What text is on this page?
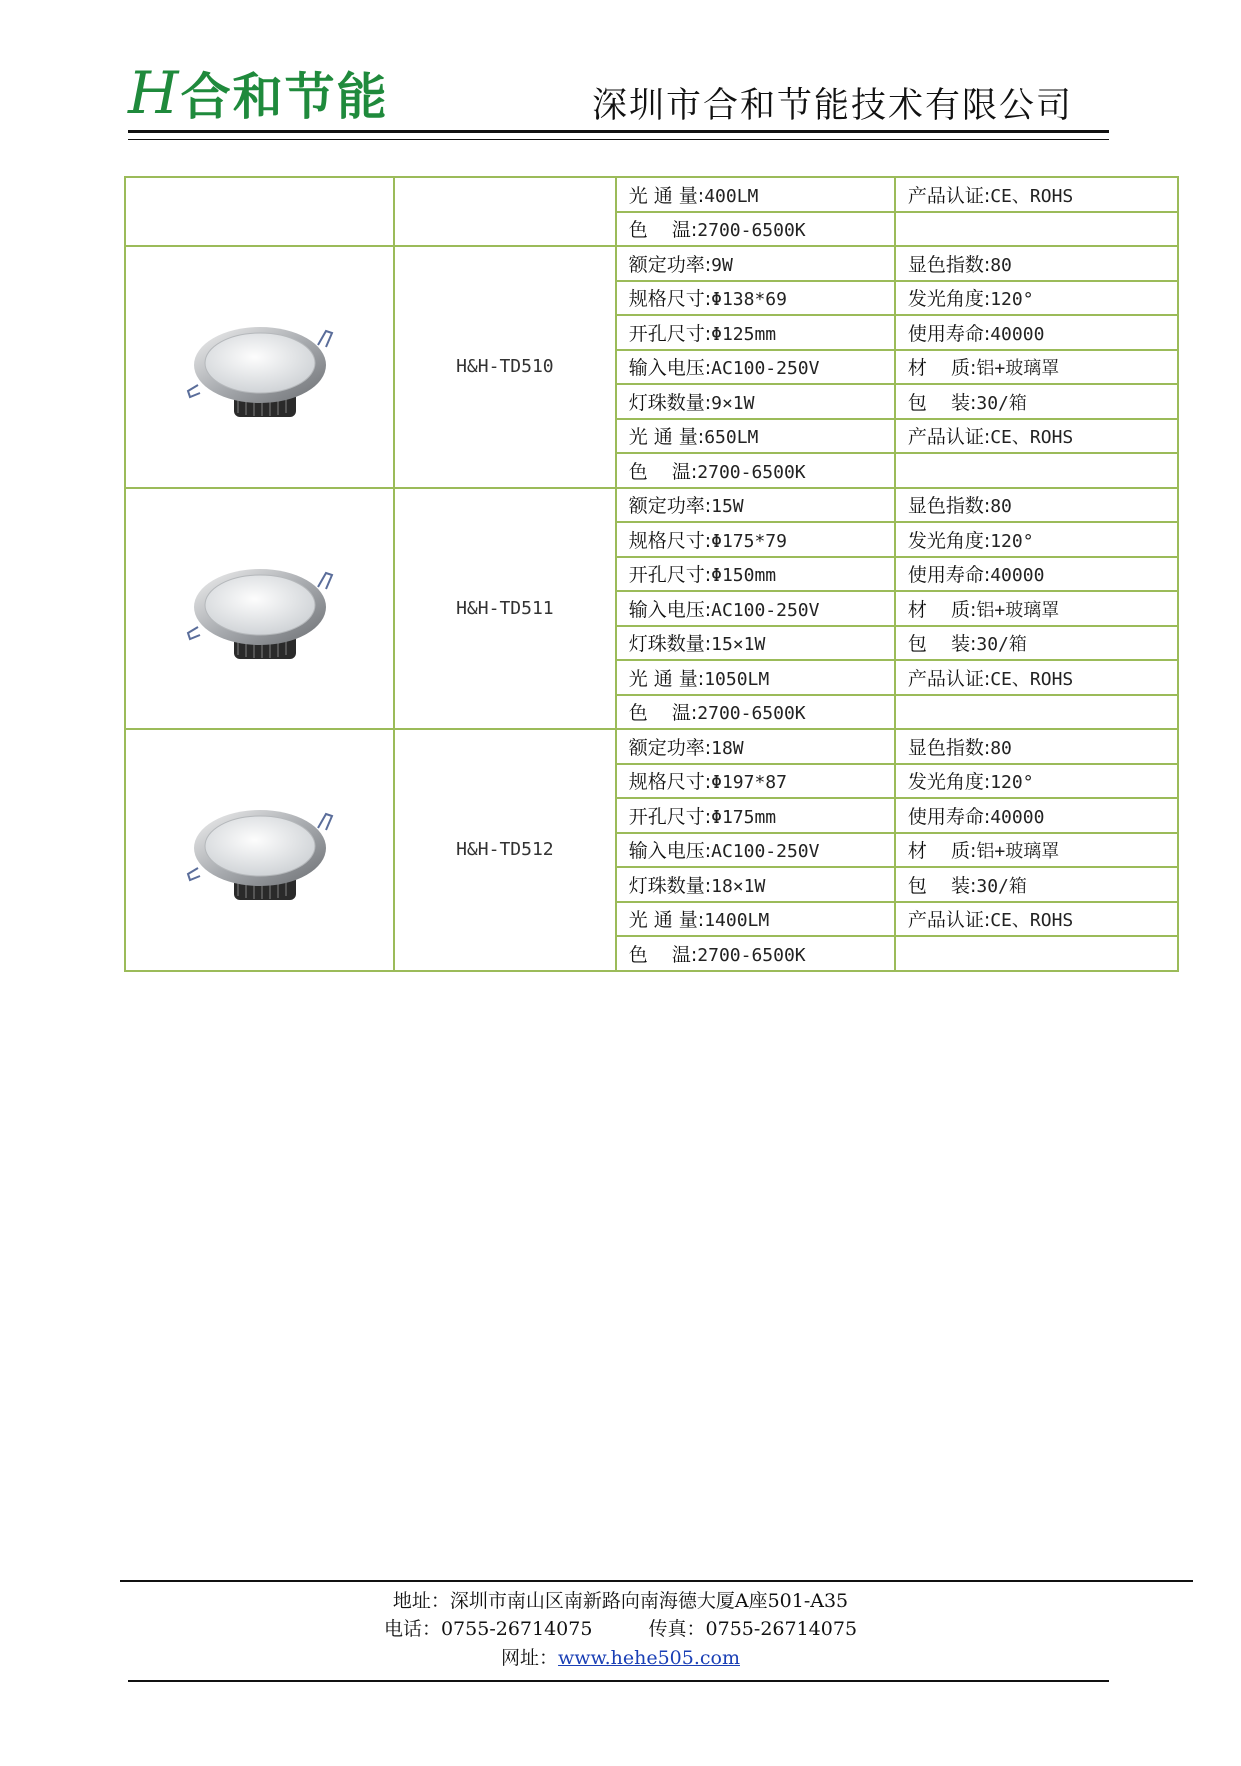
H 合和节能	深圳市合和节能技术有限公司
		光 通 量:400LM	产品认证:CE、ROHS
		色    温:2700-6500K	
	H&H-TD510	额定功率:9W	显色指数:80
		规格尺寸:Φ138*69	发光角度:120°
		开孔尺寸:Φ125mm	使用寿命:40000
		输入电压:AC100-250V	材    质:铝+玻璃罩
		灯珠数量:9×1W	包    装:30/箱
		光 通 量:650LM	产品认证:CE、ROHS
		色    温:2700-6500K	
	H&H-TD511	额定功率:15W	显色指数:80
		规格尺寸:Φ175*79	发光角度:120°
		开孔尺寸:Φ150mm	使用寿命:40000
		输入电压:AC100-250V	材    质:铝+玻璃罩
		灯珠数量:15×1W	包    装:30/箱
		光 通 量:1050LM	产品认证:CE、ROHS
		色    温:2700-6500K	
	H&H-TD512	额定功率:18W	显色指数:80
		规格尺寸:Φ197*87	发光角度:120°
		开孔尺寸:Φ175mm	使用寿命:40000
		输入电压:AC100-250V	材    质:铝+玻璃罩
		灯珠数量:18×1W	包    装:30/箱
		光 通 量:1400LM	产品认证:CE、ROHS
		色    温:2700-6500K	
地址：深圳市南山区南新路向南海德大厦A座501-A35
电话：0755-26714075	传真：0755-26714075
网址：www.hehe505.com
